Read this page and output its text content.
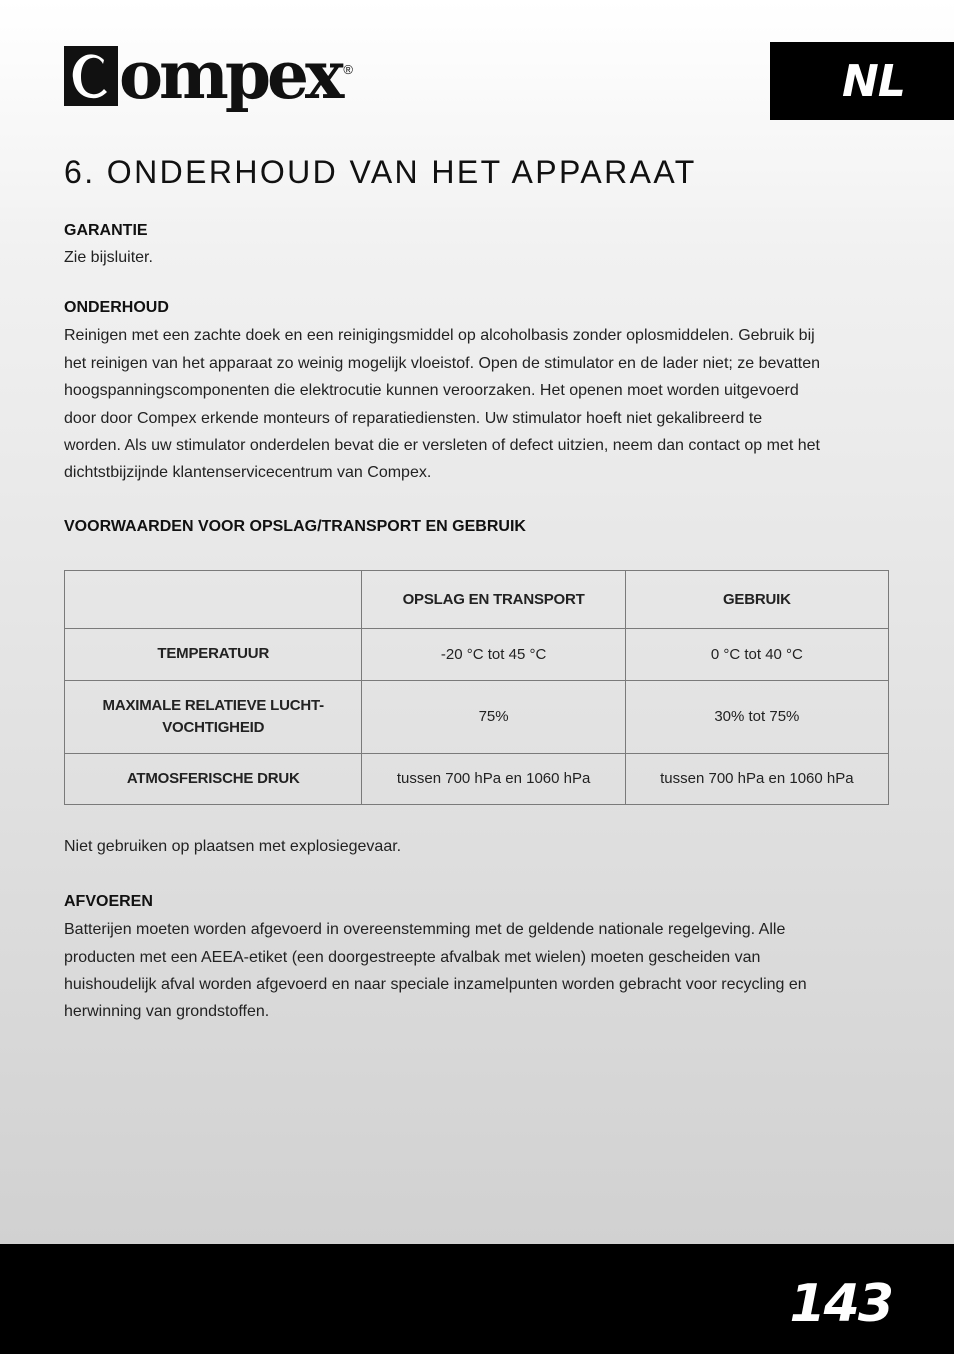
ompex ®	NL
6. ONDERHOUD VAN HET APPARAAT

GARANTIE

Zie bijsluiter.

ONDERHOUD

Reinigen met een zachte doek en een reinigingsmiddel op alcoholbasis zonder oplosmiddelen. Gebruik bij
het reinigen van het apparaat zo weinig mogelijk vloeistof. Open de stimulator en de lader niet; ze bevatten
hoogspanningscomponenten die elektrocutie kunnen veroorzaken. Het openen moet worden uitgevoerd
door door Compex erkende monteurs of reparatiediensten. Uw stimulator hoeft niet gekalibreerd te
worden. Als uw stimulator onderdelen bevat die er versleten of defect uitzien, neem dan contact op met het
dichtstbijzijnde klantenservicecentrum van Compex.

VOORWAARDEN VOOR OPSLAG/TRANSPORT EN GEBRUIK

	OPSLAG EN TRANSPORT	GEBRUIK
TEMPERATUUR	-20 °C tot 45 °C	0 °C tot 40 °C

MAXIMALE RELATIEVE LUCHT-
VOCHTIGHEID	75%	30% tot 75%
ATMOSFERISCHE DRUK	tussen 700 hPa en 1060 hPa	tussen 700 hPa en 1060 hPa

Niet gebruiken op plaatsen met explosiegevaar.

AFVOEREN

Batterijen moeten worden afgevoerd in overeenstemming met de geldende nationale regelgeving. Alle
producten met een AEEA-etiket (een doorgestreepte afvalbak met wielen) moeten gescheiden van
huishoudelijk afval worden afgevoerd en naar speciale inzamelpunten worden gebracht voor recycling en
herwinning van grondstoffen.
143
